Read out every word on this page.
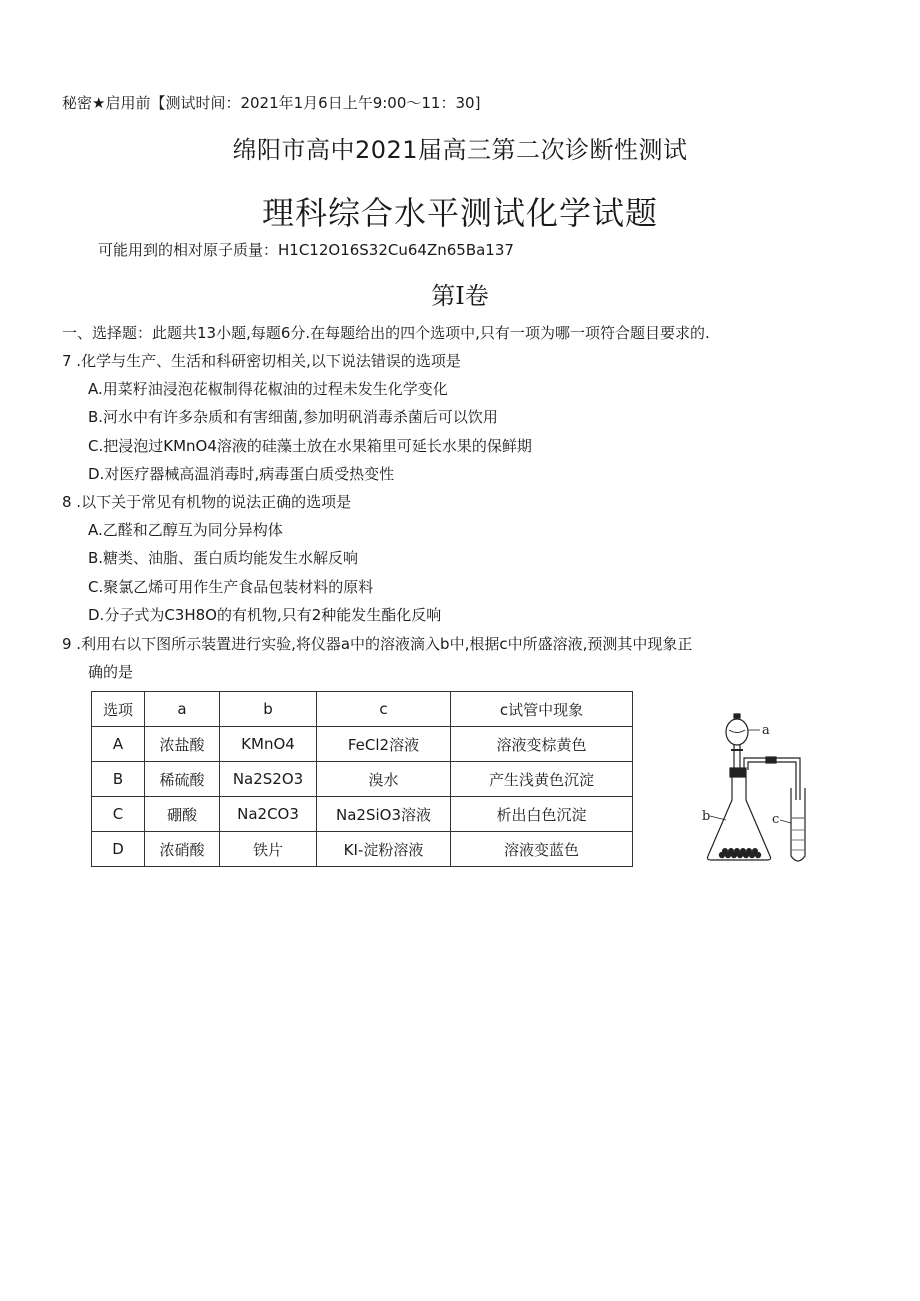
秘密★启用前【测试时间：2021年1月6日上午9:00〜11：30]
绵阳市高中2021届高三第二次诊断性测试
理科综合水平测试化学试题
可能用到的相对原子质量：H1C12O16S32Cu64Zn65Ba137
第Ⅰ卷
一、选择题：此题共13小题,每题6分.在每题给出的四个选项中,只有一项为哪一项符合题目要求的.
7 .化学与生产、生活和科研密切相关,以下说法错误的选项是
A.用菜籽油浸泡花椒制得花椒油的过程未发生化学变化
B.河水中有许多杂质和有害细菌,参加明矾消毒杀菌后可以饮用
C.把浸泡过KMnO4溶液的硅藻土放在水果箱里可延长水果的保鲜期
D.对医疗器械高温消毒时,病毒蛋白质受热变性
8 .以下关于常见有机物的说法正确的选项是
A.乙醛和乙醇互为同分异构体
B.糖类、油脂、蛋白质均能发生水解反响
C.聚氯乙烯可用作生产食品包装材料的原料
D.分子式为C3H8O的有机物,只有2种能发生酯化反响
9 .利用右以下图所示装置进行实验,将仪器a中的溶液滴入b中,根据c中所盛溶液,预测其中现象正
确的是
选项	a	b	c	c试管中现象
A	浓盐酸	KMnO4	FeCl2溶液	溶液变棕黄色
B	稀硫酸	Na2S2O3	溴水	产生浅黄色沉淀
C	硼酸	Na2CO3	Na2SiO3溶液	析出白色沉淀
D	浓硝酸	铁片	KI-淀粉溶液	溶液变蓝色
a
b	c
